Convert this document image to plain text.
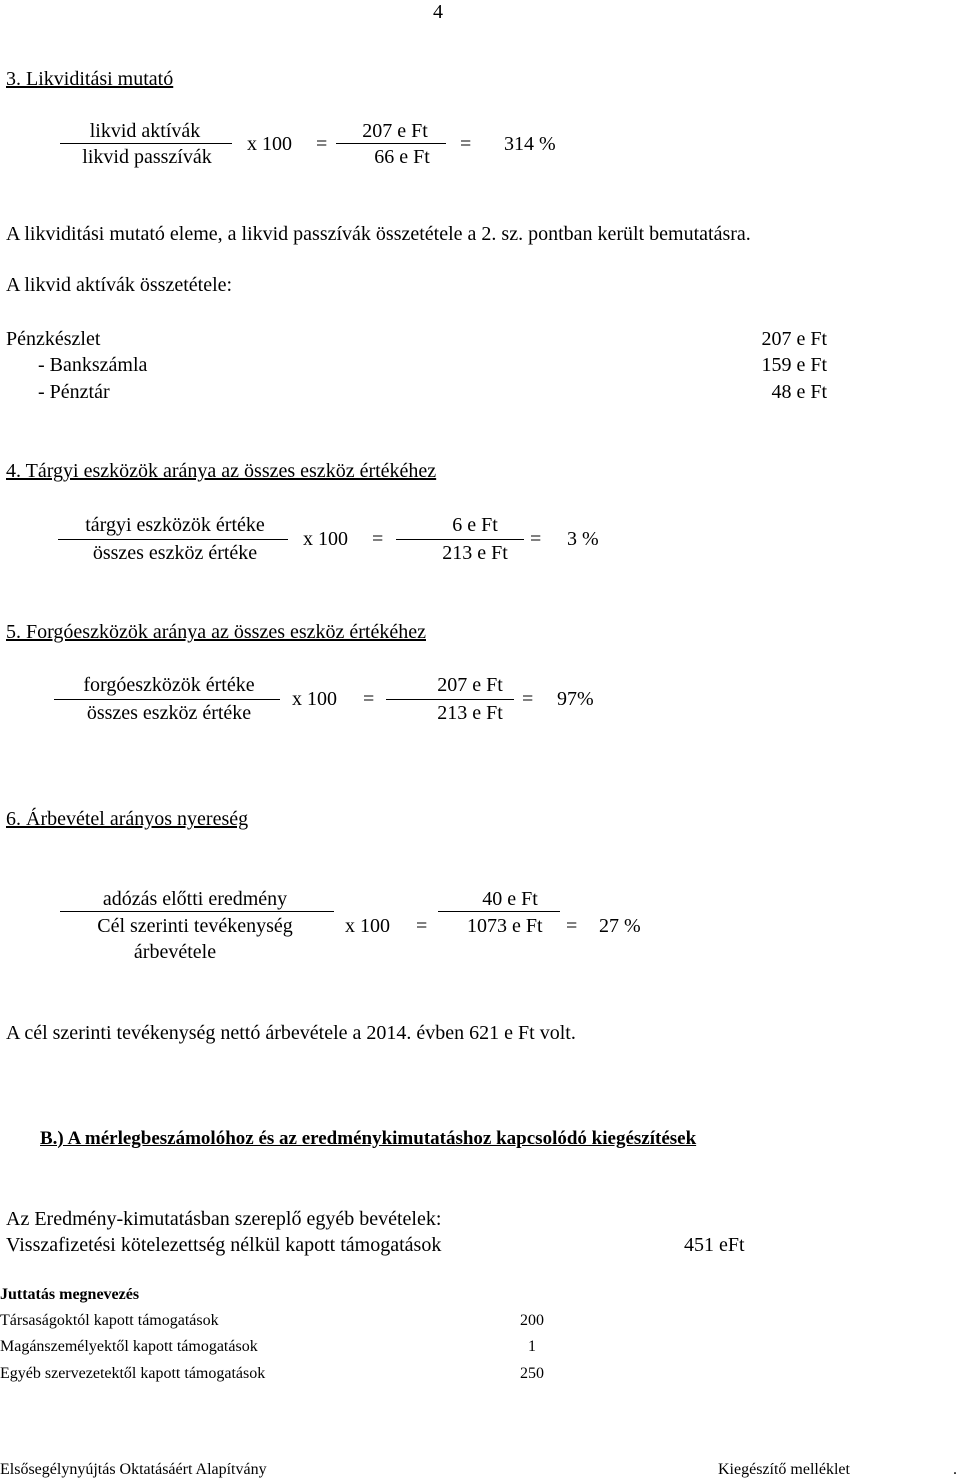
4
3. Likviditási mutató
likvid aktívák
likvid passzívák
x 100 =
207 e Ft
66 e Ft
= 314 %
A likviditási mutató eleme, a likvid passzívák összetétele a 2. sz. pontban került bemutatásra.
A likvid aktívák összetétele:
Pénzkészlet	207 e Ft
- Bankszámla	159 e Ft
- Pénztár	48 e Ft
4. Tárgyi eszközök aránya az összes eszköz értékéhez
tárgyi eszközök értéke
összes eszköz értéke
x 100 =
6 e Ft
213 e Ft
= 3 %
5. Forgóeszközök aránya az összes eszköz értékéhez
forgóeszközök értéke
összes eszköz értéke
x 100 =
207 e Ft
213 e Ft
= 97%
6. Árbevétel arányos nyereség
adózás előtti eredmény
Cél szerinti tevékenység
árbevétele
x 100 =
40 e Ft
1073 e Ft = 27 %
A cél szerinti tevékenység nettó árbevétele a 2014. évben 621 e Ft volt.
B.) A mérlegbeszámolóhoz és az eredménykimutatáshoz kapcsolódó kiegészítések
Az Eredmény-kimutatásban szereplő egyéb bevételek:
Visszafizetési kötelezettség nélkül kapott támogatások	451 eFt
Juttatás megnevezés
Társaságoktól kapott támogatások	200
Magánszemélyektől kapott támogatások	1
Egyéb szervezetektől kapott támogatások	250
Elsősegélynyújtás Oktatásáért Alapítvány	Kiegészítő melléklet	.
